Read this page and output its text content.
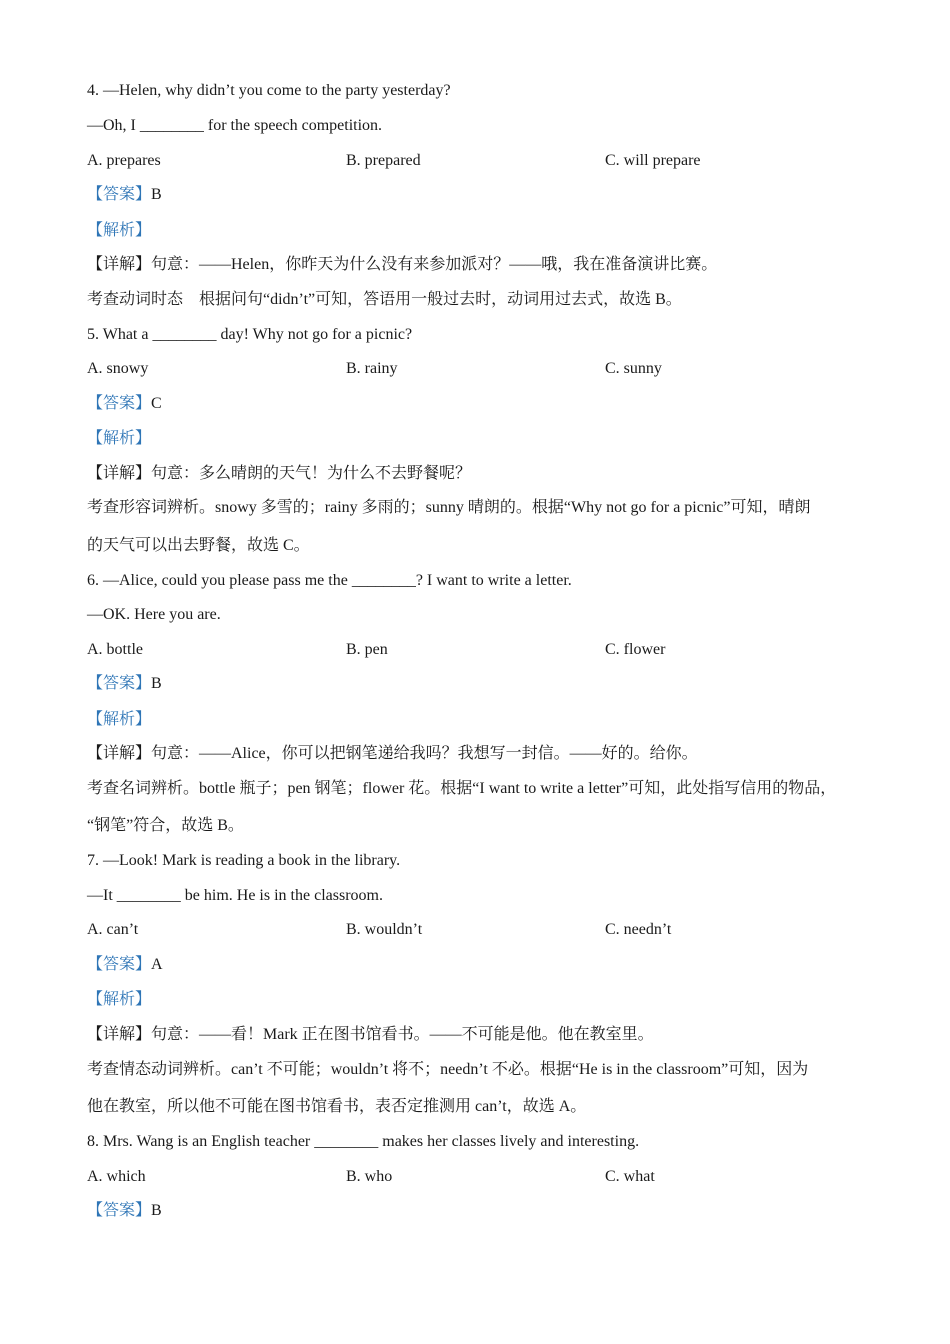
4. —Helen, why didn’t you come to the party yesterday?
—Oh, I ________ for the speech competition.
A. prepares	B. prepared	C. will prepare
【答案】B
【解析】
【详解】句意：——Helen，你昨天为什么没有来参加派对？——哦，我在准备演讲比赛。
考查动词时态　根据问句“didn’t”可知，答语用一般过去时，动词用过去式，故选 B。
5. What a ________ day! Why not go for a picnic?
A. snowy	B. rainy	C. sunny
【答案】C
【解析】
【详解】句意：多么晴朗的天气！为什么不去野餐呢？
考查形容词辨析。snowy 多雪的；rainy 多雨的；sunny 晴朗的。根据“Why not go for a picnic”可知，晴朗
的天气可以出去野餐，故选 C。
6. —Alice, could you please pass me the ________? I want to write a letter.
—OK. Here you are.
A. bottle	B. pen	C. flower
【答案】B
【解析】
【详解】句意：——Alice，你可以把钢笔递给我吗？我想写一封信。——好的。给你。
考查名词辨析。bottle 瓶子；pen 钢笔；flower 花。根据“I want to write a letter”可知，此处指写信用的物品，
“钢笔”符合，故选 B。
7. —Look! Mark is reading a book in the library.
—It ________ be him. He is in the classroom.
A. can’t	B. wouldn’t	C. needn’t
【答案】A
【解析】
【详解】句意：——看！Mark 正在图书馆看书。——不可能是他。他在教室里。
考查情态动词辨析。can’t 不可能；wouldn’t 将不；needn’t 不必。根据“He is in the classroom”可知，因为
他在教室，所以他不可能在图书馆看书，表否定推测用 can’t，故选 A。
8. Mrs. Wang is an English teacher ________ makes her classes lively and interesting.
A. which	B. who	C. what
【答案】B
